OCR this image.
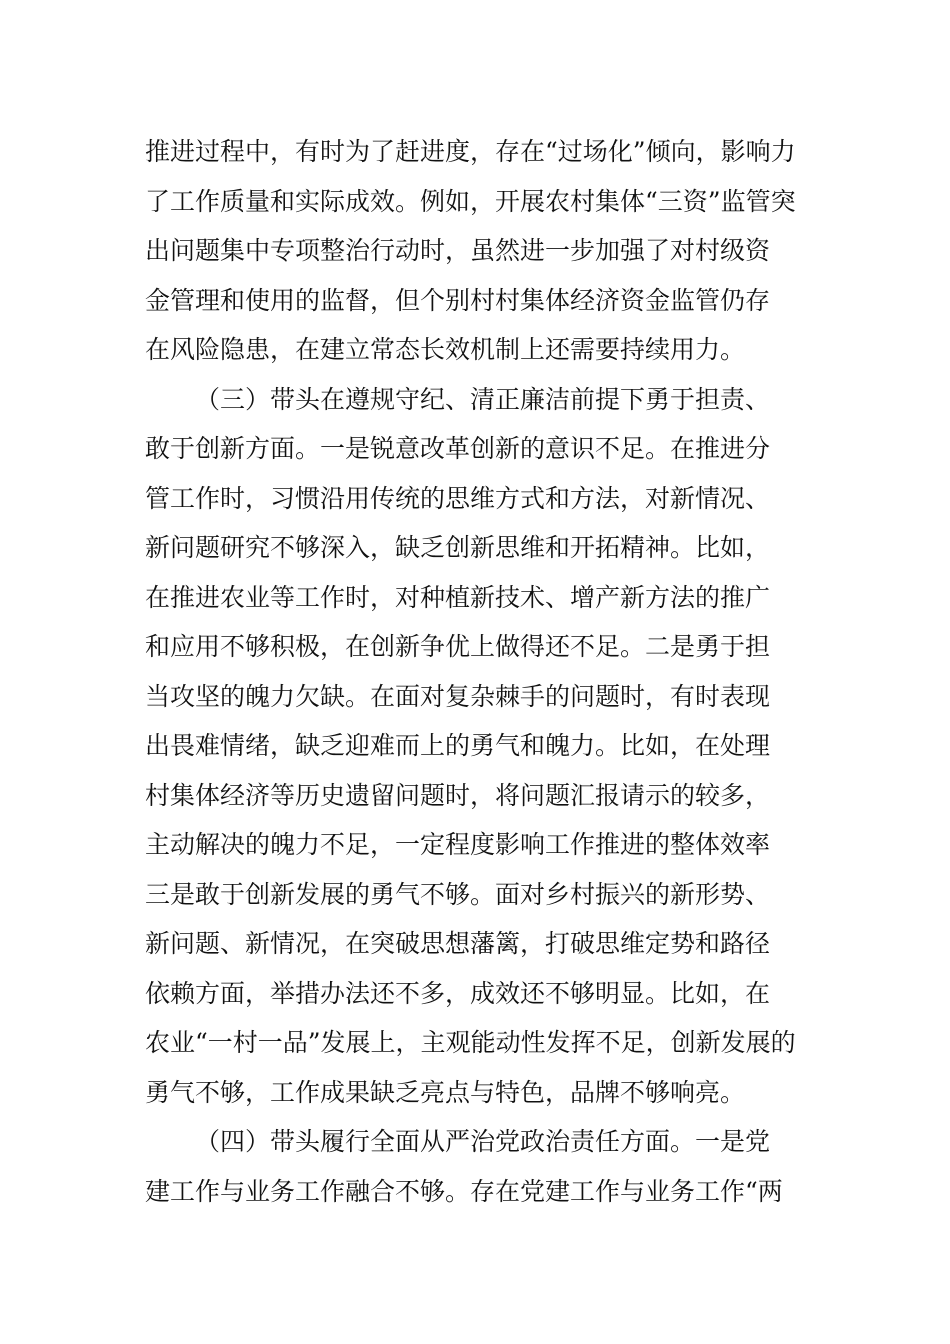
推进过程中，有时为了赶进度，存在“过场化”倾向，影响力
了工作质量和实际成效。例如，开展农村集体“三资”监管突
出问题集中专项整治行动时，虽然进一步加强了对村级资
金管理和使用的监督，但个别村村集体经济资金监管仍存
在风险隐患，在建立常态长效机制上还需要持续用力。
（三）带头在遵规守纪、清正廉洁前提下勇于担责、
敢于创新方面。一是锐意改革创新的意识不足。在推进分
管工作时，习惯沿用传统的思维方式和方法，对新情况、
新问题研究不够深入，缺乏创新思维和开拓精神。比如，
在推进农业等工作时，对种植新技术、增产新方法的推广
和应用不够积极，在创新争优上做得还不足。二是勇于担
当攻坚的魄力欠缺。在面对复杂棘手的问题时，有时表现
出畏难情绪，缺乏迎难而上的勇气和魄力。比如，在处理
村集体经济等历史遗留问题时，将问题汇报请示的较多，
主动解决的魄力不足，一定程度影响工作推进的整体效率
三是敢于创新发展的勇气不够。面对乡村振兴的新形势、
新问题、新情况，在突破思想藩篱，打破思维定势和路径
依赖方面，举措办法还不多，成效还不够明显。比如，在
农业“一村一品”发展上，主观能动性发挥不足，创新发展的
勇气不够，工作成果缺乏亮点与特色，品牌不够响亮。
（四）带头履行全面从严治党政治责任方面。一是党
建工作与业务工作融合不够。存在党建工作与业务工作“两
